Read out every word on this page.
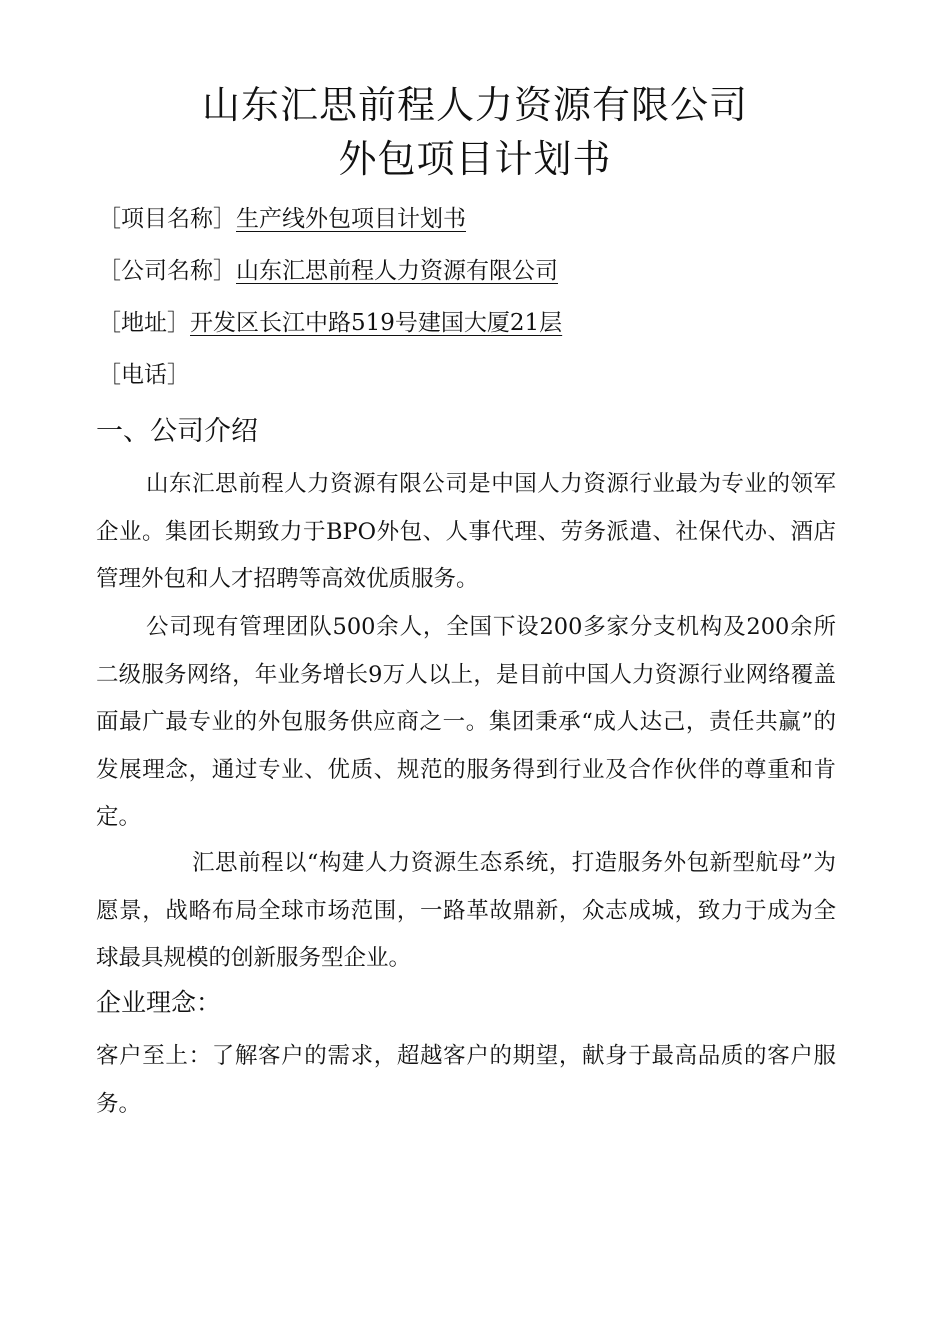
山东汇思前程人力资源有限公司
外包项目计划书
［项目名称］生产线外包项目计划书
［公司名称］山东汇思前程人力资源有限公司
［地址］开发区长江中路519号建国大厦21层
［电话］
一、公司介绍
山东汇思前程人力资源有限公司是中国人力资源行业最为专业的领军企业。集团长期致力于BPO外包、人事代理、劳务派遣、社保代办、酒店管理外包和人才招聘等高效优质服务。
公司现有管理团队500余人，全国下设200多家分支机构及200余所二级服务网络，年业务增长9万人以上，是目前中国人力资源行业网络覆盖面最广最专业的外包服务供应商之一。集团秉承“成人达己，责任共赢”的发展理念，通过专业、优质、规范的服务得到行业及合作伙伴的尊重和肯定。
汇思前程以“构建人力资源生态系统，打造服务外包新型航母”为愿景，战略布局全球市场范围，一路革故鼎新，众志成城，致力于成为全球最具规模的创新服务型企业。
企业理念：
客户至上：了解客户的需求，超越客户的期望，献身于最高品质的客户服务。
